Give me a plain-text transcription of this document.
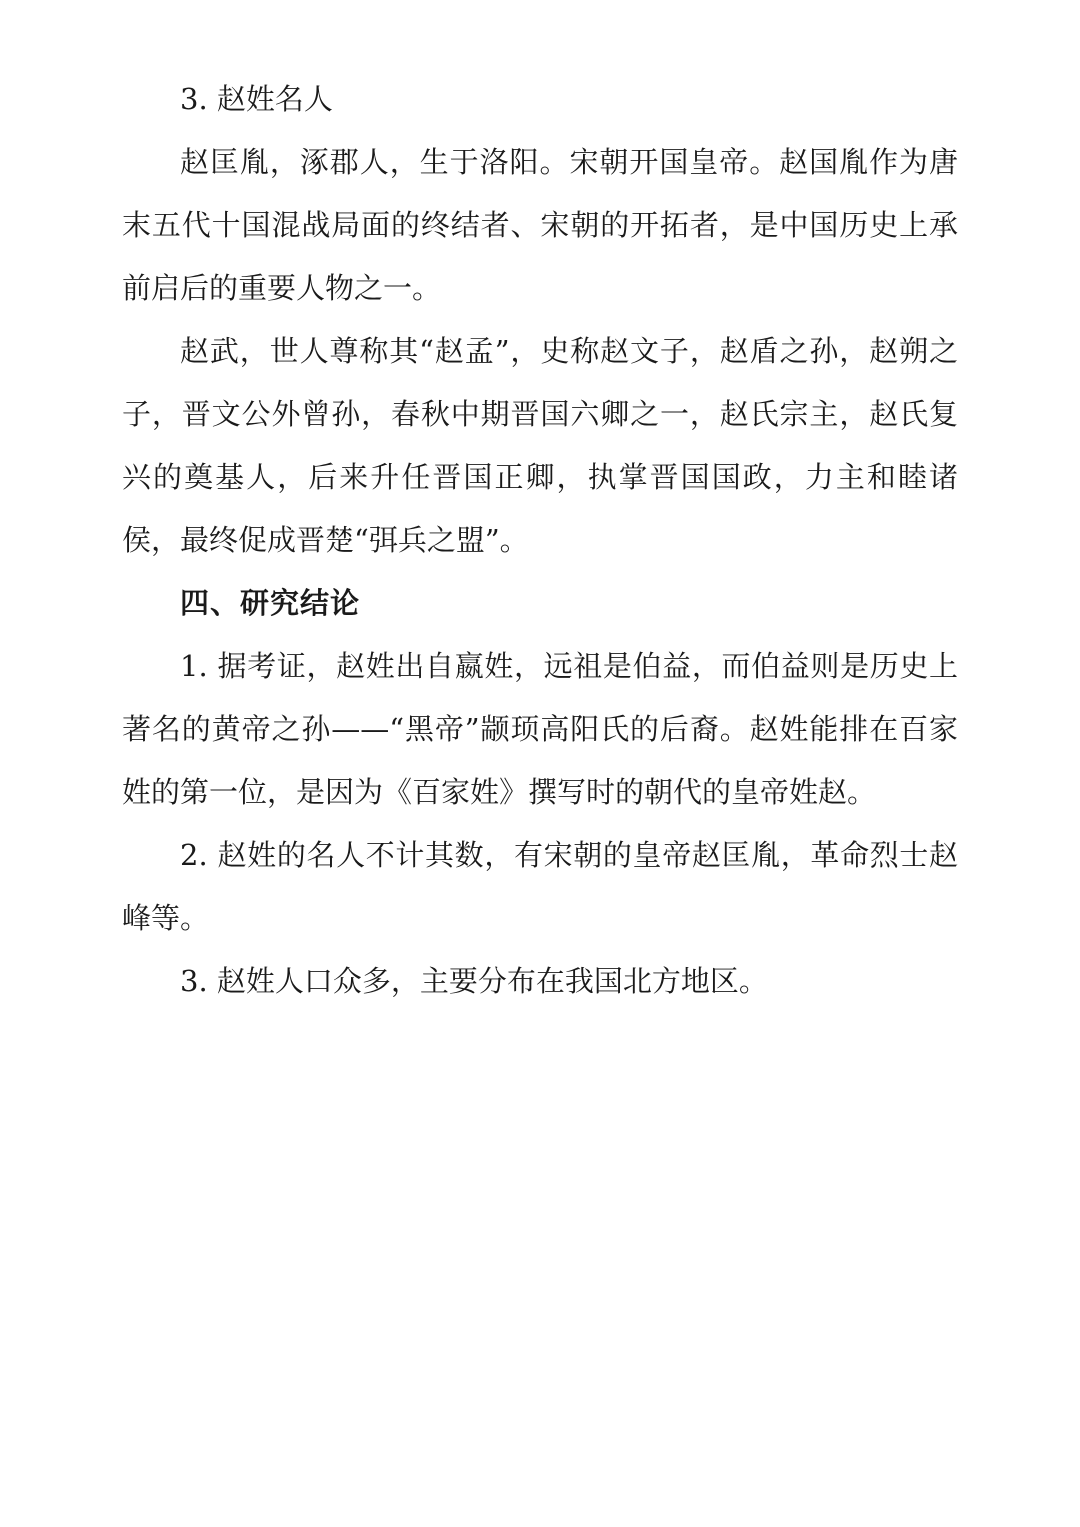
3. 赵姓名人

赵匡胤，涿郡人，生于洛阳。宋朝开国皇帝。赵国胤作为唐末五代十国混战局面的终结者、宋朝的开拓者，是中国历史上承前启后的重要人物之一。

赵武，世人尊称其“赵孟”，史称赵文子，赵盾之孙，赵朔之子，晋文公外曾孙，春秋中期晋国六卿之一，赵氏宗主，赵氏复兴的奠基人，后来升任晋国正卿，执掌晋国国政，力主和睦诸侯，最终促成晋楚“弭兵之盟”。

四、研究结论

1. 据考证，赵姓出自嬴姓，远祖是伯益，而伯益则是历史上著名的黄帝之孙——“黑帝”颛顼高阳氏的后裔。赵姓能排在百家姓的第一位，是因为《百家姓》撰写时的朝代的皇帝姓赵。

2. 赵姓的名人不计其数，有宋朝的皇帝赵匡胤，革命烈士赵峰等。

3. 赵姓人口众多，主要分布在我国北方地区。
